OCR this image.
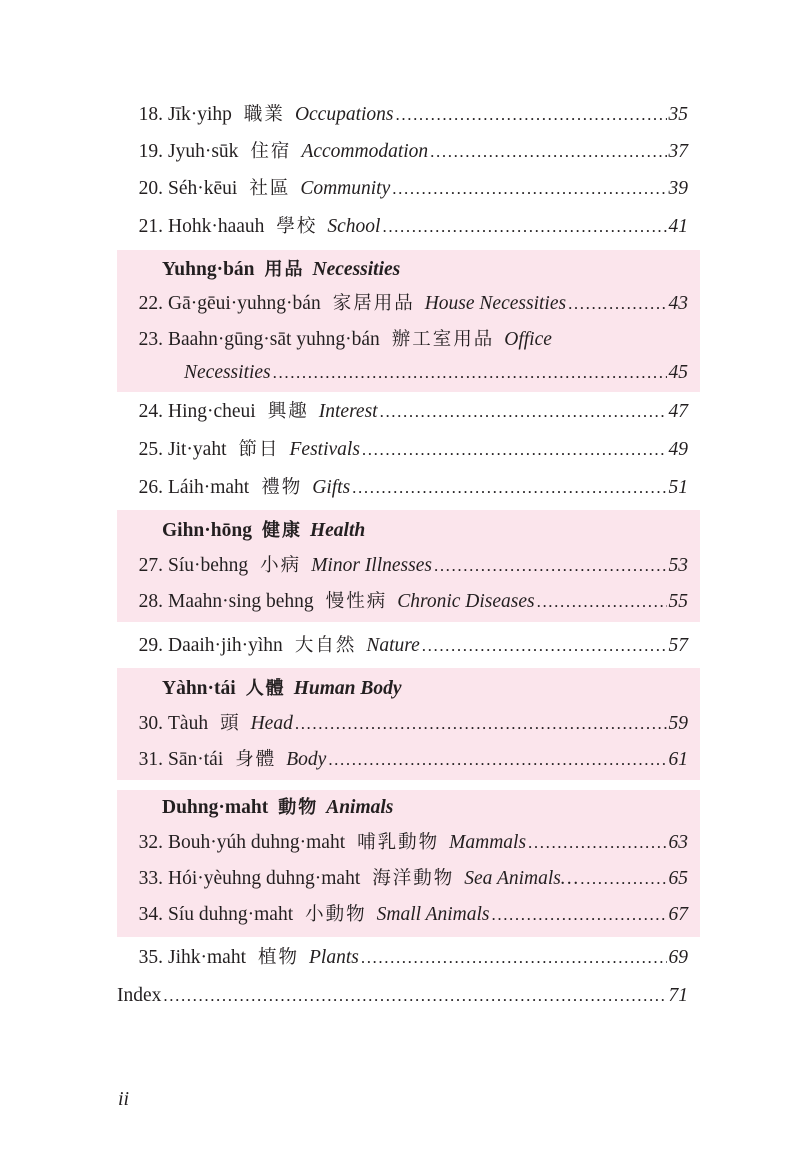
18. Jīk·yihp 職業 Occupations .....	35
19. Jyuh·sūk 住宿 Accommodation .....	37
20. Séh·kēui 社區 Community .....	39
21. Hohk·haauh 學校 School .....	41
Yuhng·bán 用品 Necessities
22. Gā·gēui·yuhng·bán 家居用品 House Necessities .....	43
23. Baahn·gūng·sāt yuhng·bán 辦工室用品 Office
Necessities .....	45
24. Hing·cheui 興趣 Interest .....	47
25. Jit·yaht 節日 Festivals .....	49
26. Láih·maht 禮物 Gifts .....	51
Gihn·hōng 健康 Health
27. Síu·behng 小病 Minor Illnesses .....	53
28. Maahn·sing behng 慢性病 Chronic Diseases .....	55
29. Daaih·jih·yìhn 大自然 Nature .....	57
Yàhn·tái 人體 Human Body
30. Tàuh 頭 Head .....	59
31. Sān·tái 身體 Body .....	61
Duhng·maht 動物 Animals
32. Bouh·yúh duhng·maht 哺乳動物 Mammals .....	63
33. Hói·yèuhng duhng·maht 海洋動物 Sea Animals… .....	65
34. Síu duhng·maht 小動物 Small Animals .....	67
35. Jihk·maht 植物 Plants .....	69
Index .....	71
ii
